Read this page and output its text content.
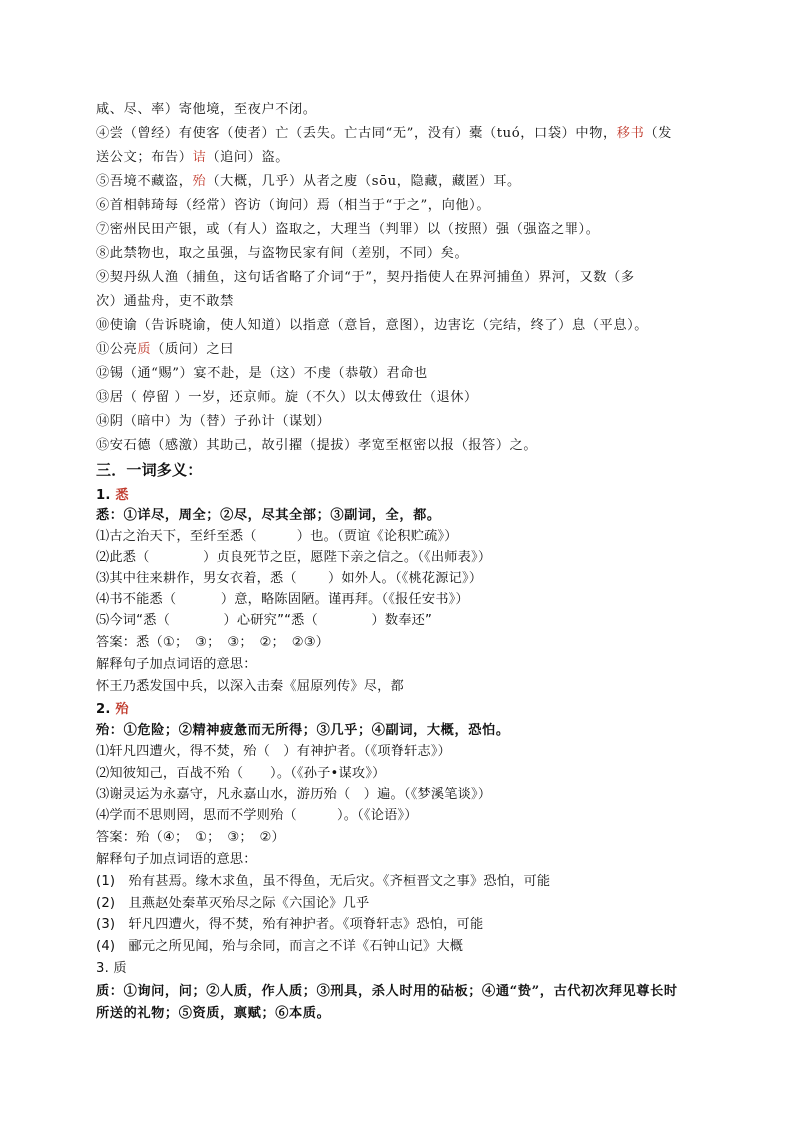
咸、尽、率）寄他境，至夜户不闭。
④尝（曾经）有使客（使者）亡（丢失。亡古同“无”，没有）橐（tuó，口袋）中物，移书（发
送公文；布告）诘（追问）盗。
⑤吾境不藏盗，殆（大概，几乎）从者之廋（sōu，隐藏，藏匿）耳。
⑥首相韩琦每（经常）咨访（询问）焉（相当于“于之”，向他）。
⑦密州民田产银，或（有人）盗取之，大理当（判罪）以（按照）强（强盗之罪）。
⑧此禁物也，取之虽强，与盗物民家有间（差别，不同）矣。
⑨契丹纵人渔（捕鱼，这句话省略了介词“于”，契丹指使人在界河捕鱼）界河，又数（多
次）通盐舟，吏不敢禁
⑩使谕（告诉晓谕，使人知道）以指意（意旨，意图），边害讫（完结，终了）息（平息）。
⑪公亮质（质问）之曰
⑫锡（通“赐”）宴不赴，是（这）不虔（恭敬）君命也
⑬居（ 停留 ）一岁，还京师。旋（不久）以太傅致仕（退休）
⑭阴（暗中）为（替）子孙计（谋划）
⑮安石德（感激）其助己，故引擢（提拔）孝宽至枢密以报（报答）之。
三．一词多义：
1. 悉
悉：①详尽，周全；②尽，尽其全部；③副词，全，都。
⑴古之治天下，至纤至悉（　　　）也。（贾谊《论积贮疏》）
⑵此悉（　　　　）贞良死节之臣，愿陛下亲之信之。（《出师表》）
⑶其中往来耕作，男女衣着，悉（　　 ）如外人。（《桃花源记》）
⑷书不能悉（　　　 ）意，略陈固陋。谨再拜。（《报任安书》）
⑸今词“悉（　　　　）心研究”“悉（　　　　）数奉还”
答案：悉（①；　③；　③；　②；　②③）
解释句子加点词语的意思：
怀王乃悉发国中兵，以深入击秦《屈原列传》尽，都
2. 殆
殆：①危险；②精神疲惫而无所得；③几乎；④副词，大概，恐怕。
⑴轩凡四遭火，得不焚，殆（　）有神护者。（《项脊轩志》）
⑵知彼知己，百战不殆（　　）。（《孙子•谋攻》）
⑶谢灵运为永嘉守，凡永嘉山水，游历殆（　）遍。（《梦溪笔谈》）
⑷学而不思则罔，思而不学则殆（　　　）。（《论语》）
答案：殆（④；　①；　③；　②）
解释句子加点词语的意思：
(1) 殆有甚焉。缘木求鱼，虽不得鱼，无后灾。《齐桓晋文之事》恐怕，可能
(2) 且燕赵处秦革灭殆尽之际《六国论》几乎
(3) 轩凡四遭火，得不焚，殆有神护者。《项脊轩志》恐怕，可能
(4) 郦元之所见闻，殆与余同，而言之不详《石钟山记》大概
3. 质
质：①询问，问；②人质，作人质；③刑具，杀人时用的砧板；④通“贽”，古代初次拜见尊长时
所送的礼物；⑤资质，禀赋；⑥本质。
